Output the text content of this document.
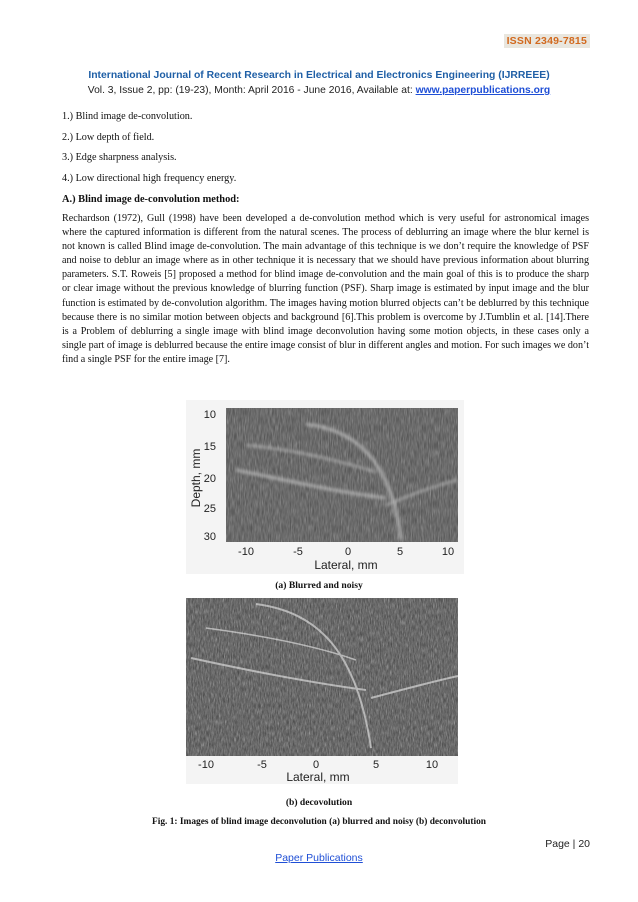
ISSN 2349-7815
International Journal of Recent Research in Electrical and Electronics Engineering (IJRREEE)
Vol. 3, Issue 2, pp: (19-23), Month: April 2016 - June 2016, Available at: www.paperpublications.org
1.) Blind image de-convolution.
2.) Low depth of field.
3.) Edge sharpness analysis.
4.) Low directional high frequency energy.
A.) Blind image de-convolution method:
Rechardson (1972), Gull (1998) have been developed a de-convolution method which is very useful for astronomical images where the captured information is different from the natural scenes. The process of deblurring an image where the blur kernel is not known is called Blind image de-convolution. The main advantage of this technique is we don’t require the knowledge of PSF and noise to deblur an image where as in other technique it is necessary that we should have previous information about blurring parameters. S.T. Roweis [5] proposed a method for blind image de-convolution and the main goal of this is to produce the sharp or clear image without the previous knowledge of blurring function (PSF). Sharp image is estimated by input image and the blur function is estimated by de-convolution algorithm. The images having motion blurred objects can’t be deblurred by this technique because there is no similar motion between objects and background [6].This problem is overcome by J.Tumblin et al. [14].There is a Problem of deblurring a single image with blind image deconvolution having some motion objects, in these cases only a single part of image is deblurred because the entire image consist of blur in different angles and motion. For such images we don’t find a single PSF for the entire image [7].
10
15
20
25
30
-10	-5	0	5	10
Lateral, mm
Depth, mm
(a) Blurred and noisy
-10	-5	0	5	10
Lateral, mm
(b) decovolution
Fig. 1: Images of blind image deconvolution (a) blurred and noisy (b) deconvolution
Page | 20
Paper Publications
